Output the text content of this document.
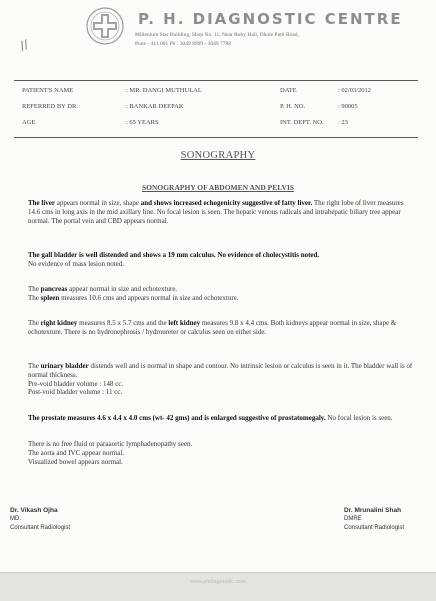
//
P. H. DIAGNOSTIC CENTRE
Millenium Star Building, Shop No. 11, Near Ruby Hall, Dhole Patil Road,
Pune - 411 001 Ph : 3049 8999 - 3049 7788
PATIENT'S NAME	: MR. DANGI MUTHULAL	DATE	: 02/03/2012
REFERRED BY DR.	: BANKAR DEEPAK	P. H. NO.	: 90005
AGE	: 65 YEARS	INT. DEPT. NO. : 23
SONOGRAPHY
SONOGRAPHY OF ABDOMEN AND PELVIS
The liver appears normal in size, shape and shows increased echogenicity suggestive of fatty liver. The right lobe of liver measures 14.6 cms in long axis in the mid axillary line. No focal lesion is seen. The hepatic venous radicals and intrahepatic biliary tree appear normal. The portal vein and CBD appears normal.
The gall bladder is well distended and shows a 19 mm calculus. No evidence of cholecystitis noted.
No evidence of mass lesion noted.
The pancreas appear normal in size and echotexture.
The spleen measures 10.6 cms and appears normal in size and echotexture.
The right kidney measures 8.5 x 5.7 cms and the left kidney measures 9.8 x 4.4 cms. Both kidneys appear normal in size, shape & echotexture. There is no hydronephrosis / hydroureter or calculus seen on either side.
The urinary bladder distends well and is normal in shape and contour. No intrinsic lesion or calculus is seen in it. The bladder wall is of normal thickness.
Pre-void bladder volume : 148 cc.
Post-void bladder volume : 11 cc.
The prostate measures 4.6 x 4.4 x 4.0 cms (wt- 42 gms) and is enlarged suggestive of prostatomegaly. No focal lesion is seen.
There is no free fluid or paraaortic lymphadenopathy seen.
The aorta and IVC appear normal.
Visualized bowel appears normal.
Dr. Vikash Ojha
MD.
Consultant Radiologist
Dr. Mrunalini Shah
DMRE
Consultant Radiologist
www.phdiagnostic.com
